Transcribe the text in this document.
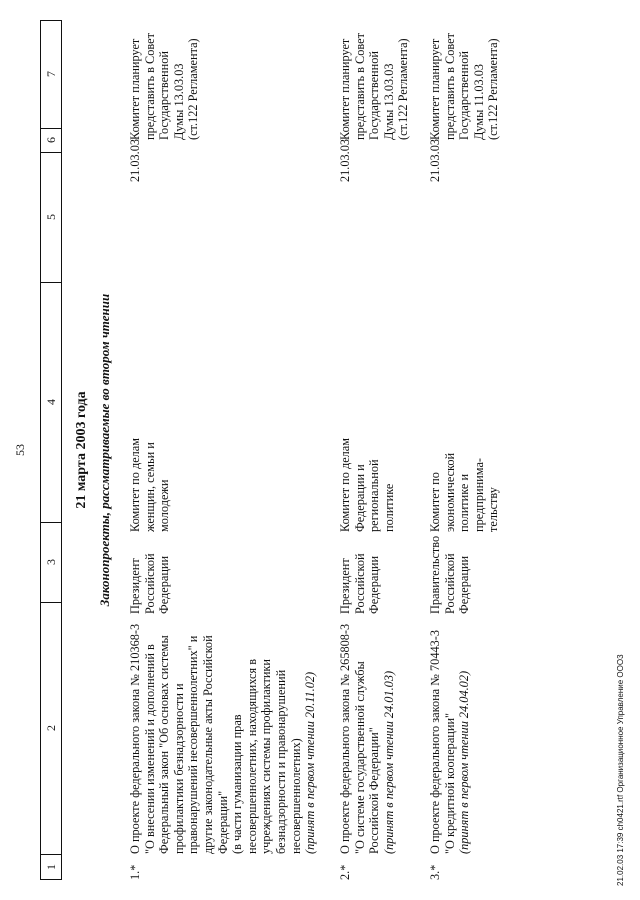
53
1
2
3
4
5
6
7
21 марта 2003 года Законопроекты, рассматриваемые во втором чтении
1.*
О проекте федерального закона № 210368-3 "О внесении изменений и дополнений в Федеральный закон "Об основах системы профилактики безнадзорности и правонарушений несовершеннолетних" и другие законодательные акты Российской Федерации" (в части гуманизации прав несовершеннолетних, находящихся в учреждениях системы профилактики безнадзорности и правонарушений несовершеннолетних) (принят в первом чтении 20.11.02)
Президент Российской Федерации
Комитет по делам женщин, семьи и молодежи
21.03.03
Комитет планирует представить в Совет Государственной Думы 13.03.03 (ст.122 Регламента)
2.*
О проекте федерального закона № 265808-3 "О системе государственной службы Российской Федерации" (принят в первом чтении 24.01.03)
Президент Российской Федерации
Комитет по делам Федерации и региональной политике
21.03.03
Комитет планирует представить в Совет Государственной Думы 13.03.03 (ст.122 Регламента)
3.*
О проекте федерального закона № 70443-3 "О кредитной кооперации" (принят в первом чтении 24.04.02)
Правительство Российской Федерации
Комитет по экономической политике и предпринима- тельству
21.03.03
Комитет планирует представить в Совет Государственной Думы 11.03.03 (ст.122 Регламента)
21.02.03 17:39 ch0421.rtf Организационное Управление ООО3
